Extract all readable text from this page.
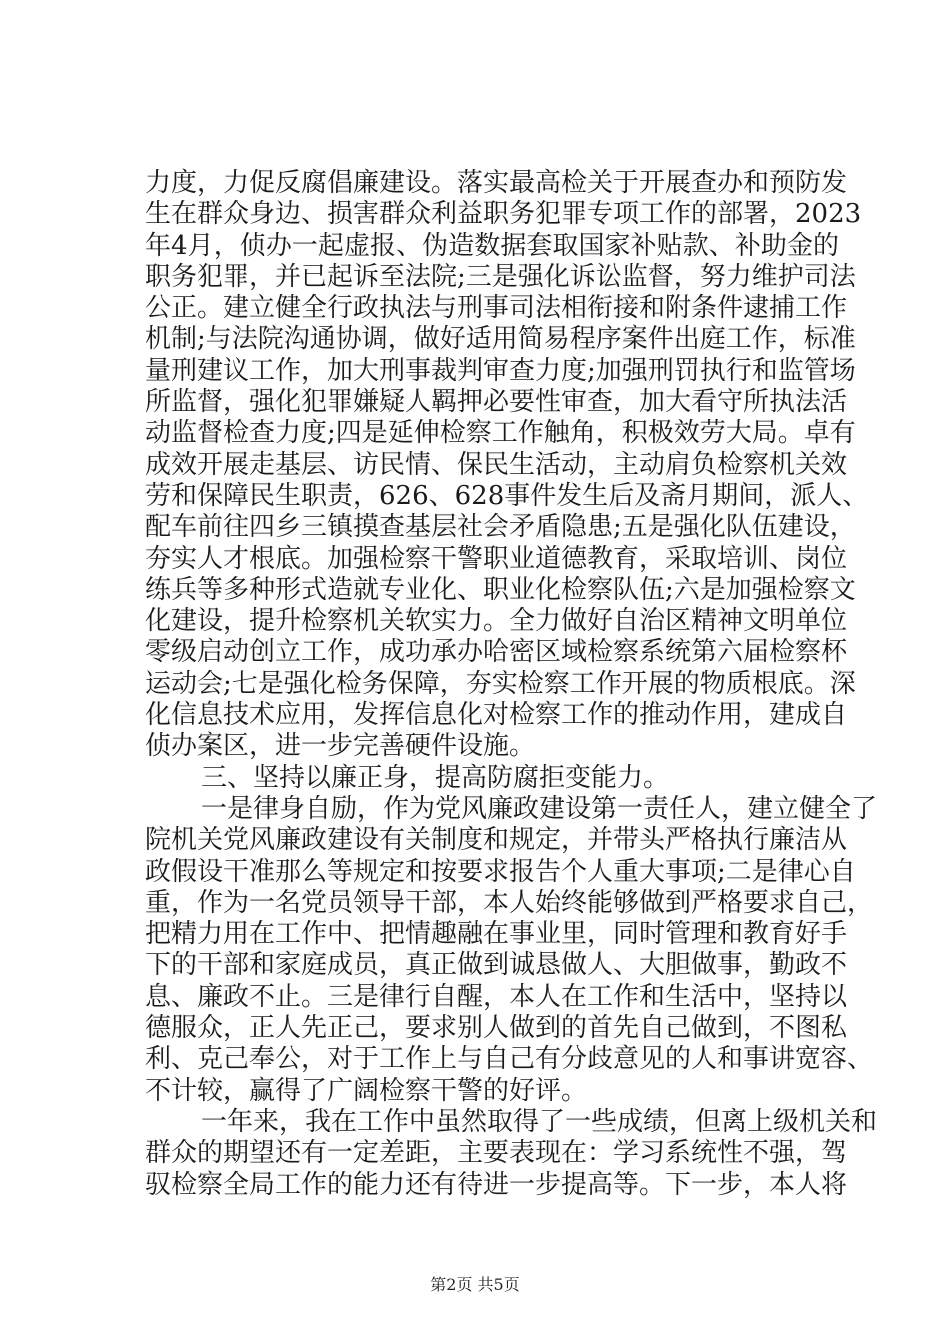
力度，力促反腐倡廉建设。落实最高检关于开展查办和预防发
生在群众身边、损害群众利益职务犯罪专项工作的部署，2023
年4月，侦办一起虚报、伪造数据套取国家补贴款、补助金的
职务犯罪，并已起诉至法院;三是强化诉讼监督，努力维护司法
公正。建立健全行政执法与刑事司法相衔接和附条件逮捕工作
机制;与法院沟通协调，做好适用简易程序案件出庭工作，标准
量刑建议工作，加大刑事裁判审查力度;加强刑罚执行和监管场
所监督，强化犯罪嫌疑人羁押必要性审查，加大看守所执法活
动监督检查力度;四是延伸检察工作触角，积极效劳大局。卓有
成效开展走基层、访民情、保民生活动，主动肩负检察机关效
劳和保障民生职责，626、628事件发生后及斋月期间，派人、
配车前往四乡三镇摸查基层社会矛盾隐患;五是强化队伍建设，
夯实人才根底。加强检察干警职业道德教育，采取培训、岗位
练兵等多种形式造就专业化、职业化检察队伍;六是加强检察文
化建设，提升检察机关软实力。全力做好自治区精神文明单位
零级启动创立工作，成功承办哈密区域检察系统第六届检察杯
运动会;七是强化检务保障，夯实检察工作开展的物质根底。深
化信息技术应用，发挥信息化对检察工作的推动作用，建成自
侦办案区，进一步完善硬件设施。
三、坚持以廉正身，提高防腐拒变能力。
一是律身自励，作为党风廉政建设第一责任人，建立健全了
院机关党风廉政建设有关制度和规定，并带头严格执行廉洁从
政假设干准那么等规定和按要求报告个人重大事项;二是律心自
重，作为一名党员领导干部，本人始终能够做到严格要求自己，
把精力用在工作中、把情趣融在事业里，同时管理和教育好手
下的干部和家庭成员，真正做到诚恳做人、大胆做事，勤政不
息、廉政不止。三是律行自醒，本人在工作和生活中，坚持以
德服众，正人先正己，要求别人做到的首先自己做到，不图私
利、克己奉公，对于工作上与自己有分歧意见的人和事讲宽容、
不计较，赢得了广阔检察干警的好评。
一年来，我在工作中虽然取得了一些成绩，但离上级机关和
群众的期望还有一定差距，主要表现在：学习系统性不强，驾
驭检察全局工作的能力还有待进一步提高等。下一步，本人将
第2页 共5页
